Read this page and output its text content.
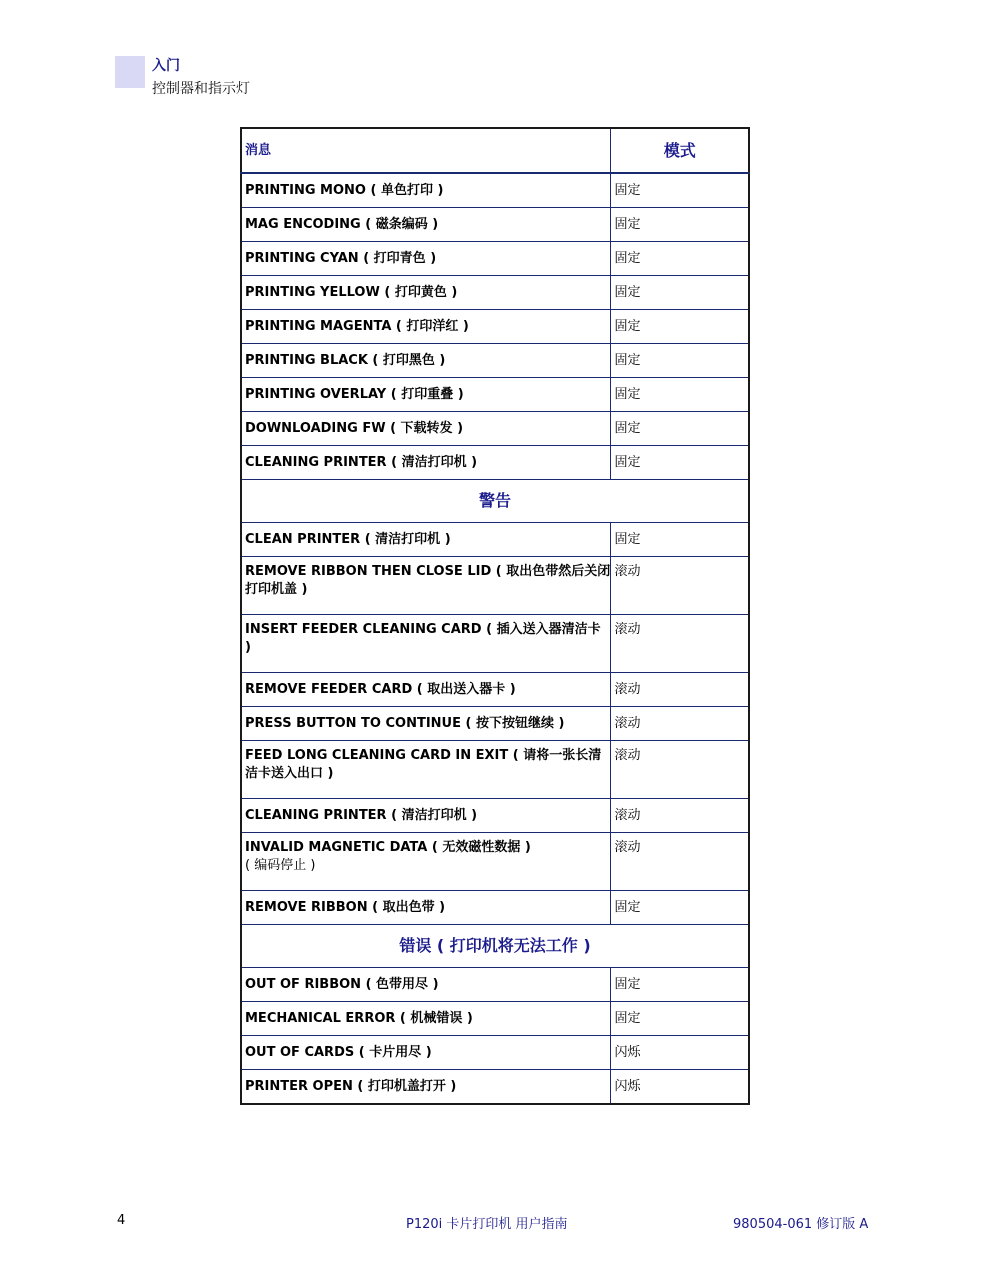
入门
控制器和指示灯
消息	模式
PRINTING MONO ( 单色打印 )	固定
MAG ENCODING ( 磁条编码 )	固定
PRINTING CYAN ( 打印青色 )	固定
PRINTING YELLOW ( 打印黄色 )	固定
PRINTING MAGENTA ( 打印洋红 )	固定
PRINTING BLACK ( 打印黑色 )	固定
PRINTING OVERLAY ( 打印重叠 )	固定
DOWNLOADING FW ( 下载转发 )	固定
CLEANING PRINTER ( 清洁打印机 )	固定
警告	
CLEAN PRINTER ( 清洁打印机 )	固定
REMOVE RIBBON THEN CLOSE LID ( 取出色带然后关闭打印机盖 )	滚动
INSERT FEEDER CLEANING CARD ( 插入送入器清洁卡 )	滚动
REMOVE FEEDER CARD ( 取出送入器卡 )	滚动
PRESS BUTTON TO CONTINUE ( 按下按钮继续 )	滚动
FEED LONG CLEANING CARD IN EXIT ( 请将一张长清洁卡送入出口 )	滚动
CLEANING PRINTER ( 清洁打印机 )	滚动

INVALID MAGNETIC DATA ( 无效磁性数据 )
( 编码停止 )	滚动
REMOVE RIBBON ( 取出色带 )	固定
错误 ( 打印机将无法工作 )	
OUT OF RIBBON ( 色带用尽 )	固定
MECHANICAL ERROR ( 机械错误 )	固定
OUT OF CARDS ( 卡片用尽 )	闪烁
PRINTER OPEN ( 打印机盖打开 )	闪烁
4	P120i 卡片打印机 用户指南	980504-061 修订版 A
